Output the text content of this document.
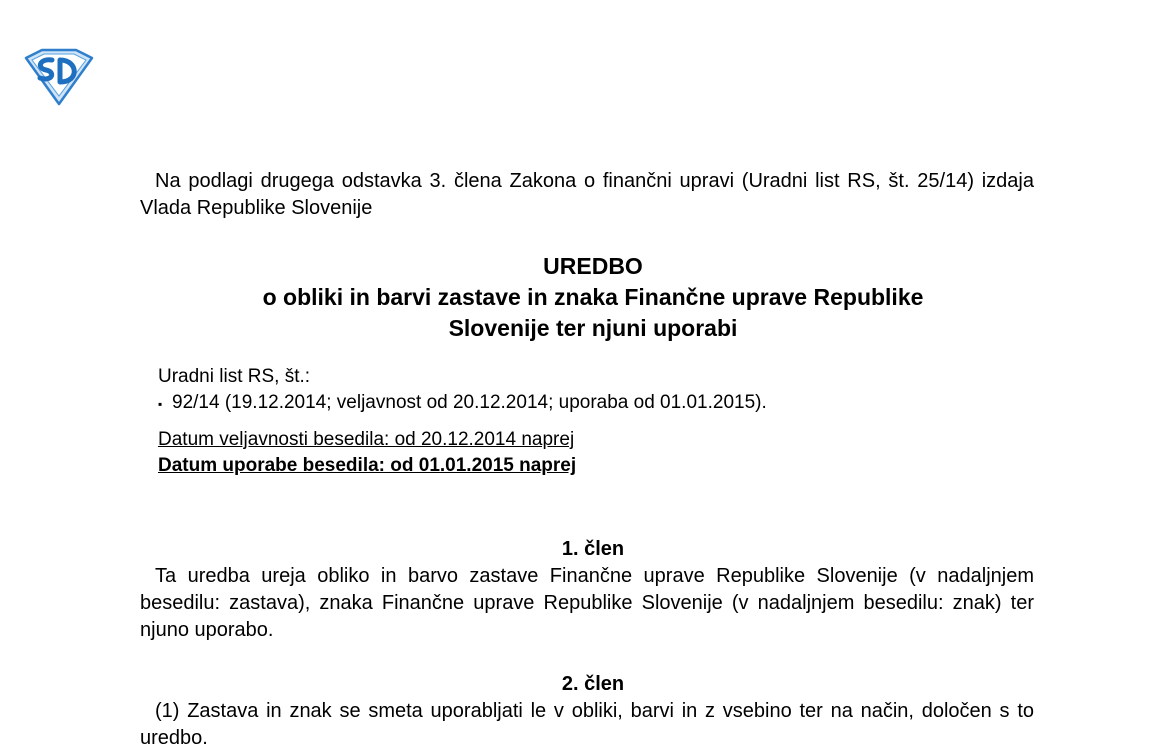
Na podlagi drugega odstavka 3. člena Zakona o finančni upravi (Uradni list RS, št. 25/14) izdaja Vlada Republike Slovenije

UREDBO
o obliki in barvi zastave in znaka Finančne uprave Republike
Slovenije ter njuni uporabi
Uradni list RS, št.:
▪ 92/14 (19.12.2014; veljavnost od 20.12.2014; uporaba od 01.01.2015).
Datum veljavnosti besedila: od 20.12.2014 naprej
Datum uporabe besedila: od 01.01.2015 naprej
1. člen

Ta uredba ureja obliko in barvo zastave Finančne uprave Republike Slovenije (v nadaljnjem besedilu: zastava), znaka Finančne uprave Republike Slovenije (v nadaljnjem besedilu: znak) ter njuno uporabo.

2. člen

(1) Zastava in znak se smeta uporabljati le v obliki, barvi in z vsebino ter na način, določen s to uredbo.
